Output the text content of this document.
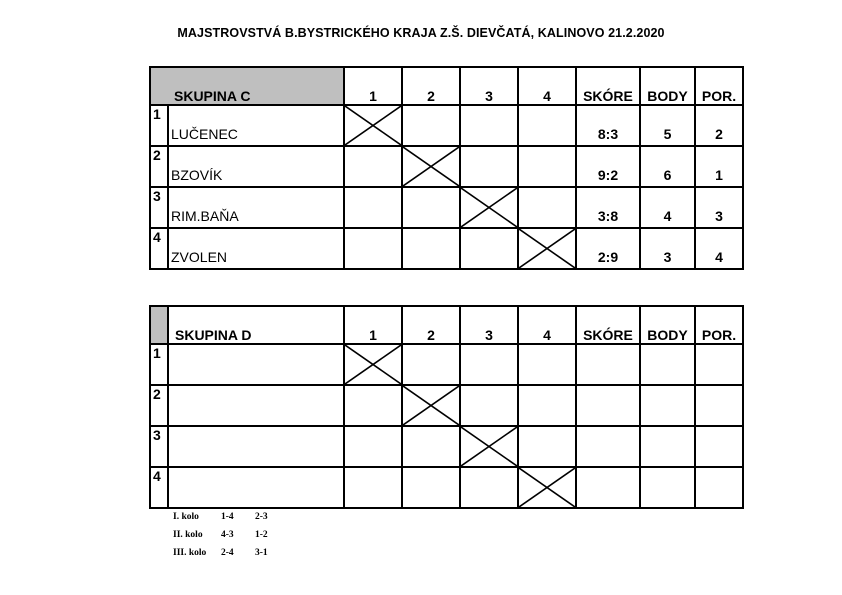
MAJSTROVSTVÁ B.BYSTRICKÉHO KRAJA Z.Š. DIEVČATÁ, KALINOVO 21.2.2020
	SKUPINA C	1	2	3	4	SKÓRE	BODY	POR.
1	LUČENEC					8:3	5	2
2	BZOVÍK					9:2	6	1
3	RIM.BAŇA					3:8	4	3
4	ZVOLEN					2:9	3	4
	SKUPINA D	1	2	3	4	SKÓRE	BODY	POR.
1		

2			

3				

4					

I. kolo 1-4 2-3
II. kolo 4-3 1-2
III. kolo 2-4 3-1
